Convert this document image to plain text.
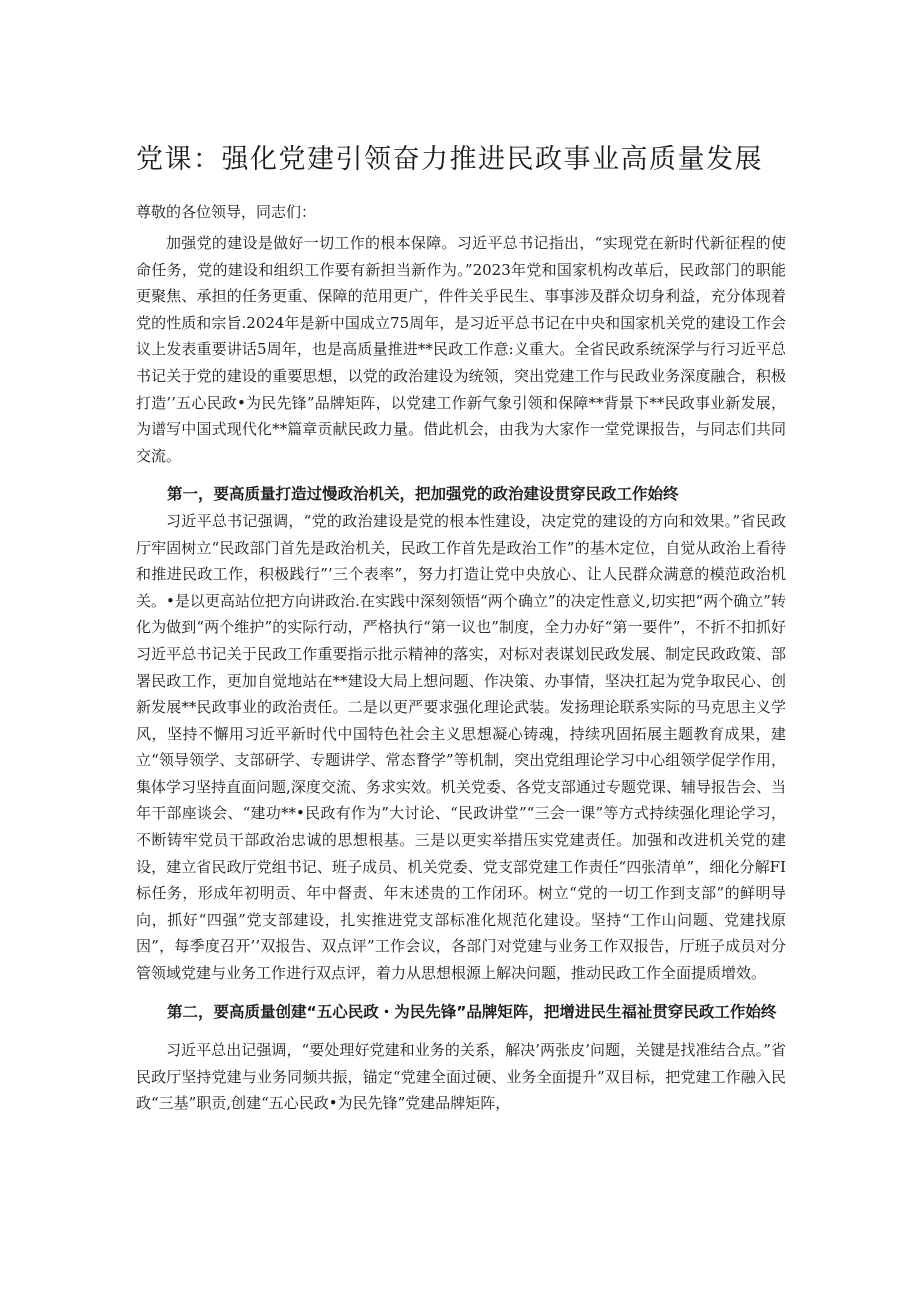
党课：强化党建引领奋力推进民政事业高质量发展

尊敬的各位领导，同志们：

加强党的建设是做好一切工作的根本保障。习近平总书记指出，“实现党在新时代新征程的使命任务，党的建设和组织工作要有新担当新作为。”2023年党和国家机构改革后，民政部门的职能更聚焦、承担的任务更重、保障的范用更广，件件关乎民生、事事涉及群众切身利益，充分体现着党的性质和宗旨.2024年是新中国成立75周年，是习近平总书记在中央和国家机关党的建设工作会议上发表重要讲话5周年，也是高质量推进**民政工作意:义重大。全省民政系统深学与行习近平总书记关于党的建设的重要思想，以党的政治建设为统领，突出党建工作与民政业务深度融合，积极打造’’五心民政•为民先锋”品牌矩阵，以党建工作新气象引领和保障**背景下**民政事业新发展，为谱写中国式现代化**篇章贡献民政力量。借此机会，由我为大家作一堂党课报告，与同志们共同交流。

第一，要高质量打造过慢政治机关，把加强党的政治建设贯穿民政工作始终

习近平总书记强调，“党的政治建设是党的根本性建设，决定党的建设的方向和效果。”省民政厅牢固树立“民政部门首先是政治机关，民政工作首先是政治工作”的基木定位，自觉从政治上看待和推进民政工作，积极践行”’三个表率”，努力打造让党中央放心、让人民群众满意的模范政治机关。•是以更高站位把方向讲政治.在实践中深刻领悟“两个确立”的决定性意义,切实把“两个确立”转化为做到“两个维护”的实际行动，严格执行“第一议也”制度，全力办好“第一要件”，不折不扣抓好习近平总书记关于民政工作重要指示批示精神的落实，对标对表谋划民政发展、制定民政政策、部署民政工作，更加自觉地站在**建设大局上想问题、作决策、办事情，坚决扛起为党争取民心、创新发展**民政事业的政治责任。二是以更严要求强化理论武装。发扬理论联系实际的马克思主义学风，坚持不懈用习近平新时代中国特色社会主义思想凝心铸魂，持续巩固拓展主题教育成果，建立“领导领学、支部研学、专题讲学、常态瞀学”等机制，突出党组理论学习中心组领学促学作用，集体学习坚持直面问题,深度交流、务求实效。机关党委、各党支部通过专题党课、辅导报告会、当年干部座谈会、“建功**•民政有作为”大讨论、“民政讲堂”“三会一课”等方式持续强化理论学习，不断铸牢党员干部政治忠诚的思想根基。三是以更实举措压实党建责任。加强和改进机关党的建设，建立省民政厅党组书记、班子成员、机关党委、党支部党建工作责任“四张清单”，细化分解FI标任务，形成年初明贡、年中督责、年末述贵的工作闭环。树立“党的一切工作到支部”的鲜明导向，抓好“四强”党支部建设，扎实推进党支部标准化规范化建设。坚持“工作山问题、党建找原因”，每季度召开’’双报告、双点评”工作会议，各部门对党建与业务工作双报告，厅班子成员对分管领域党建与业务工作进行双点评，着力从思想根源上解决问题，推动民政工作全面提质增效。

第二，要高质量创建“五心民政・为民先锋”品牌矩阵，把增进民生福祉贯穿民政工作始终

习近平总出记强调，“要处理好党建和业务的关系，解决’两张皮’问题，关键是找准结合点。”省民政厅坚持党建与业务同频共振，锚定“党建全面过硬、业务全面提升”双目标，把党建工作融入民政“三基”职贡,创建“五心民政•为民先锋”党建品牌矩阵，
